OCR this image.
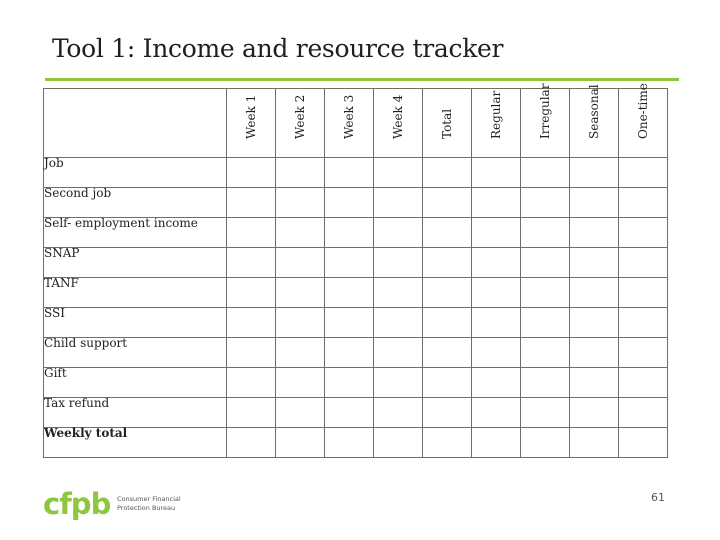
Tool 1: Income and resource tracker

	Week 1	Week 2	Week 3	Week 4	Total	Regular	Irregular	Seasonal	One-time

Job									
Second job									
Self- employment income									
SNAP									
TANF									
SSI									
Child support									
Gift									
Tax refund									
Weekly total									
cfpb Consumer Financial
Protection Bureau
61
